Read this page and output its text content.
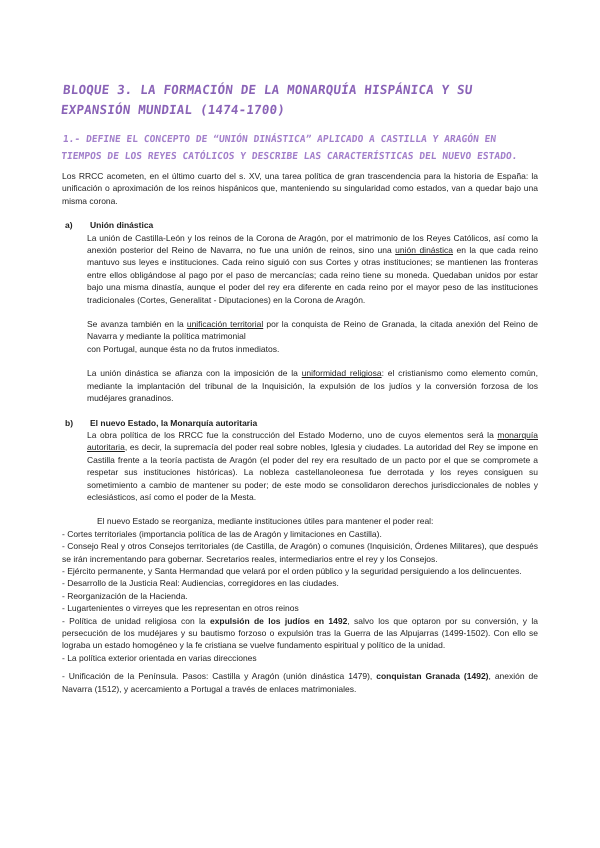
BLOQUE 3. LA FORMACIÓN DE LA MONARQUÍA HISPÁNICA Y SU EXPANSIÓN MUNDIAL (1474-1700)
1.- DEFINE EL CONCEPTO DE “UNIÓN DINÁSTICA” APLICADO A CASTILLA Y ARAGÓN EN TIEMPOS DE LOS REYES CATÓLICOS Y DESCRIBE LAS CARACTERÍSTICAS DEL NUEVO ESTADO.

Los RRCC acometen, en el último cuarto del s. XV, una tarea política de gran trascendencia para la historia de España: la unificación o aproximación de los reinos hispánicos que, manteniendo su singularidad como estados, van a quedar bajo una misma corona.

a)	Unión dinástica

La unión de Castilla-León y los reinos de la Corona de Aragón, por el matrimonio de los Reyes Católicos, así como la anexión posterior del Reino de Navarra, no fue una unión de reinos, sino una unión dinástica en la que cada reino mantuvo sus leyes e instituciones. Cada reino siguió con sus Cortes y otras instituciones; se mantienen las fronteras entre ellos obligándose al pago por el paso de mercancías; cada reino tiene su moneda. Quedaban unidos por estar bajo una misma dinastía, aunque el poder del rey era diferente en cada reino por el mayor peso de las instituciones tradicionales (Cortes, Generalitat - Diputaciones) en la Corona de Aragón.

Se avanza también en la unificación territorial por la conquista de Reino de Granada, la citada anexión del Reino de Navarra y mediante la política matrimonial
con Portugal, aunque ésta no da frutos inmediatos.

La unión dinástica se afianza con la imposición de la uniformidad religiosa: el cristianismo como elemento común, mediante la implantación del tribunal de la Inquisición, la expulsión de los judíos y la conversión forzosa de los mudéjares granadinos.

b)	El nuevo Estado, la Monarquía autoritaria

La obra política de los RRCC fue la construcción del Estado Moderno, uno de cuyos elementos será la monarquía autoritaria, es decir, la supremacía del poder real sobre nobles, Iglesia y ciudades. La autoridad del Rey se impone en Castilla frente a la teoría pactista de Aragón (el poder del rey era resultado de un pacto por el que se compromete a respetar sus instituciones históricas). La nobleza castellanoleonesa fue derrotada y los reyes consiguen su sometimiento a cambio de mantener su poder; de este modo se consolidaron derechos jurisdiccionales de nobles y eclesiásticos, así como el poder de la Mesta.

El nuevo Estado se reorganiza, mediante instituciones útiles para mantener el poder real:

- Cortes territoriales (importancia política de las de Aragón y limitaciones en Castilla).

- Consejo Real y otros Consejos territoriales (de Castilla, de Aragón) o comunes (Inquisición, Órdenes Militares), que después se irán incrementando para gobernar. Secretarios reales, intermediarios entre el rey y los Consejos.

- Ejército permanente, y Santa Hermandad que velará por el orden público y la seguridad persiguiendo a los delincuentes.

- Desarrollo de la Justicia Real: Audiencias, corregidores en las ciudades.

- Reorganización de la Hacienda.

- Lugartenientes o virreyes que les representan en otros reinos

- Política de unidad religiosa con la expulsión de los judíos en 1492, salvo los que optaron por su conversión, y la persecución de los mudéjares y su bautismo forzoso o expulsión tras la Guerra de las Alpujarras (1499-1502). Con ello se lograba un estado homogéneo y la fe cristiana se vuelve fundamento espiritual y político de la unidad.

- La política exterior orientada en varias direcciones

- Unificación de la Península. Pasos: Castilla y Aragón (unión dinástica 1479), conquistan Granada (1492), anexión de Navarra (1512), y acercamiento a Portugal a través de enlaces matrimoniales.
